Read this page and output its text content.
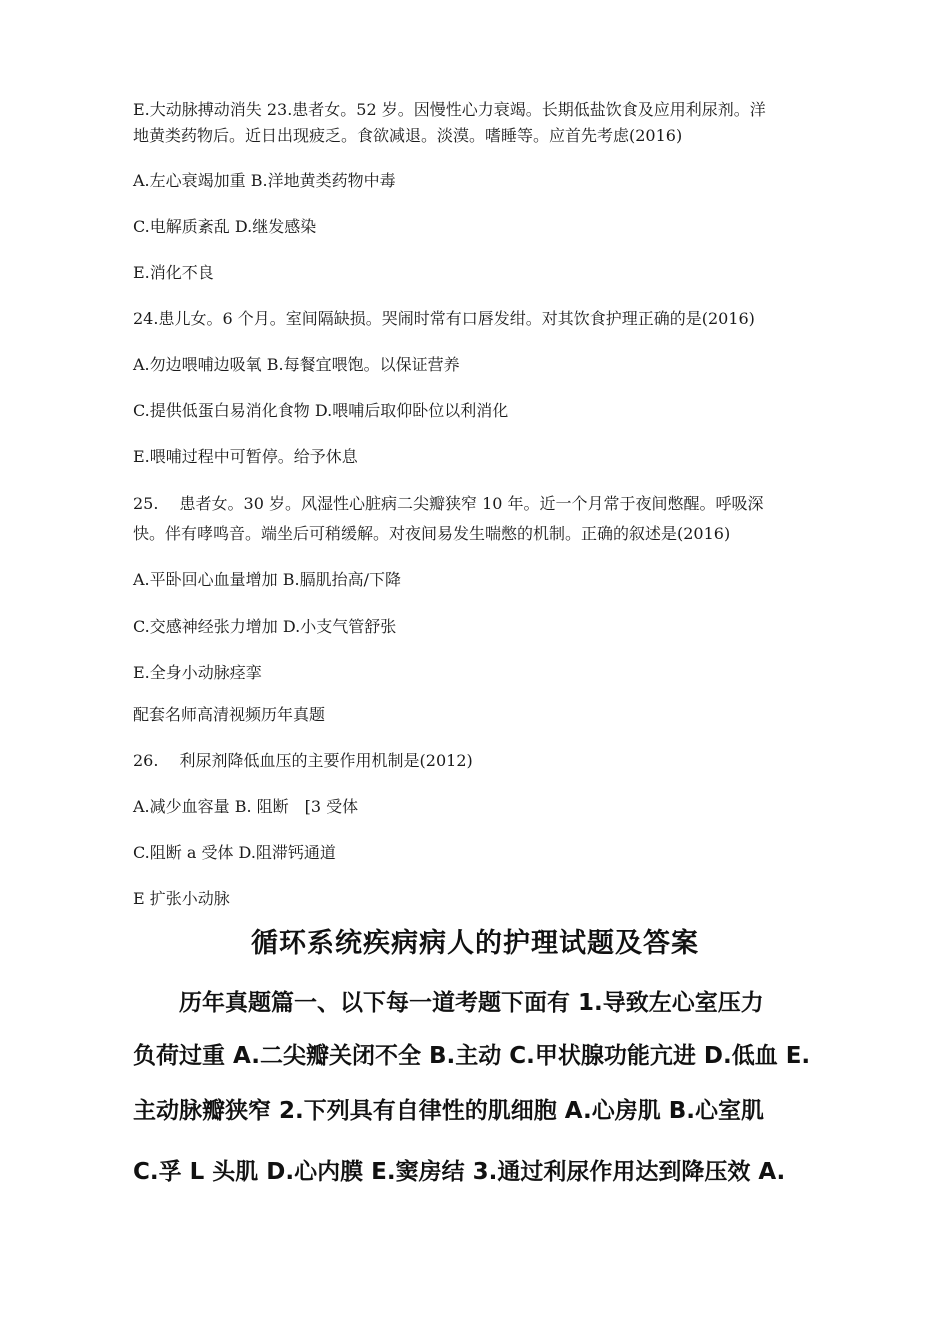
E.大动脉搏动消失 23.患者女。52 岁。因慢性心力衰竭。长期低盐饮食及应用利尿剂。洋
地黄类药物后。近日出现疲乏。食欲减退。淡漠。嗜睡等。应首先考虑(2016)
A.左心衰竭加重 B.洋地黄类药物中毒
C.电解质紊乱 D.继发感染
E.消化不良
24.患儿女。6 个月。室间隔缺损。哭闹时常有口唇发绀。对其饮食护理正确的是(2016)
A.勿边喂哺边吸氧 B.每餐宜喂饱。以保证营养
C.提供低蛋白易消化食物 D.喂哺后取仰卧位以利消化
E.喂哺过程中可暂停。给予休息
25.　 患者女。30 岁。风湿性心脏病二尖瓣狭窄 10 年。近一个月常于夜间憋醒。呼吸深
快。伴有哮鸣音。端坐后可稍缓解。对夜间易发生喘憋的机制。正确的叙述是(2016)
A.平卧回心血量增加 B.膈肌抬高/下降
C.交感神经张力增加 D.小支气管舒张
E.全身小动脉痉挛
配套名师高清视频历年真题
26.　 利尿剂降低血压的主要作用机制是(2012)
A.减少血容量 B. 阻断　[3 受体
C.阻断 a 受体 D.阻滞钙通道
E 扩张小动脉
循环系统疾病病人的护理试题及答案
　　历年真题篇一、以下每一道考题下面有 1.导致左心室压力
负荷过重 A.二尖瓣关闭不全 B.主动 C.甲状腺功能亢进 D.低血 E.
主动脉瓣狭窄 2.下列具有自律性的肌细胞 A.心房肌 B.心室肌
C.孚 L 头肌 D.心内膜 E.窦房结 3.通过利尿作用达到降压效 A.
